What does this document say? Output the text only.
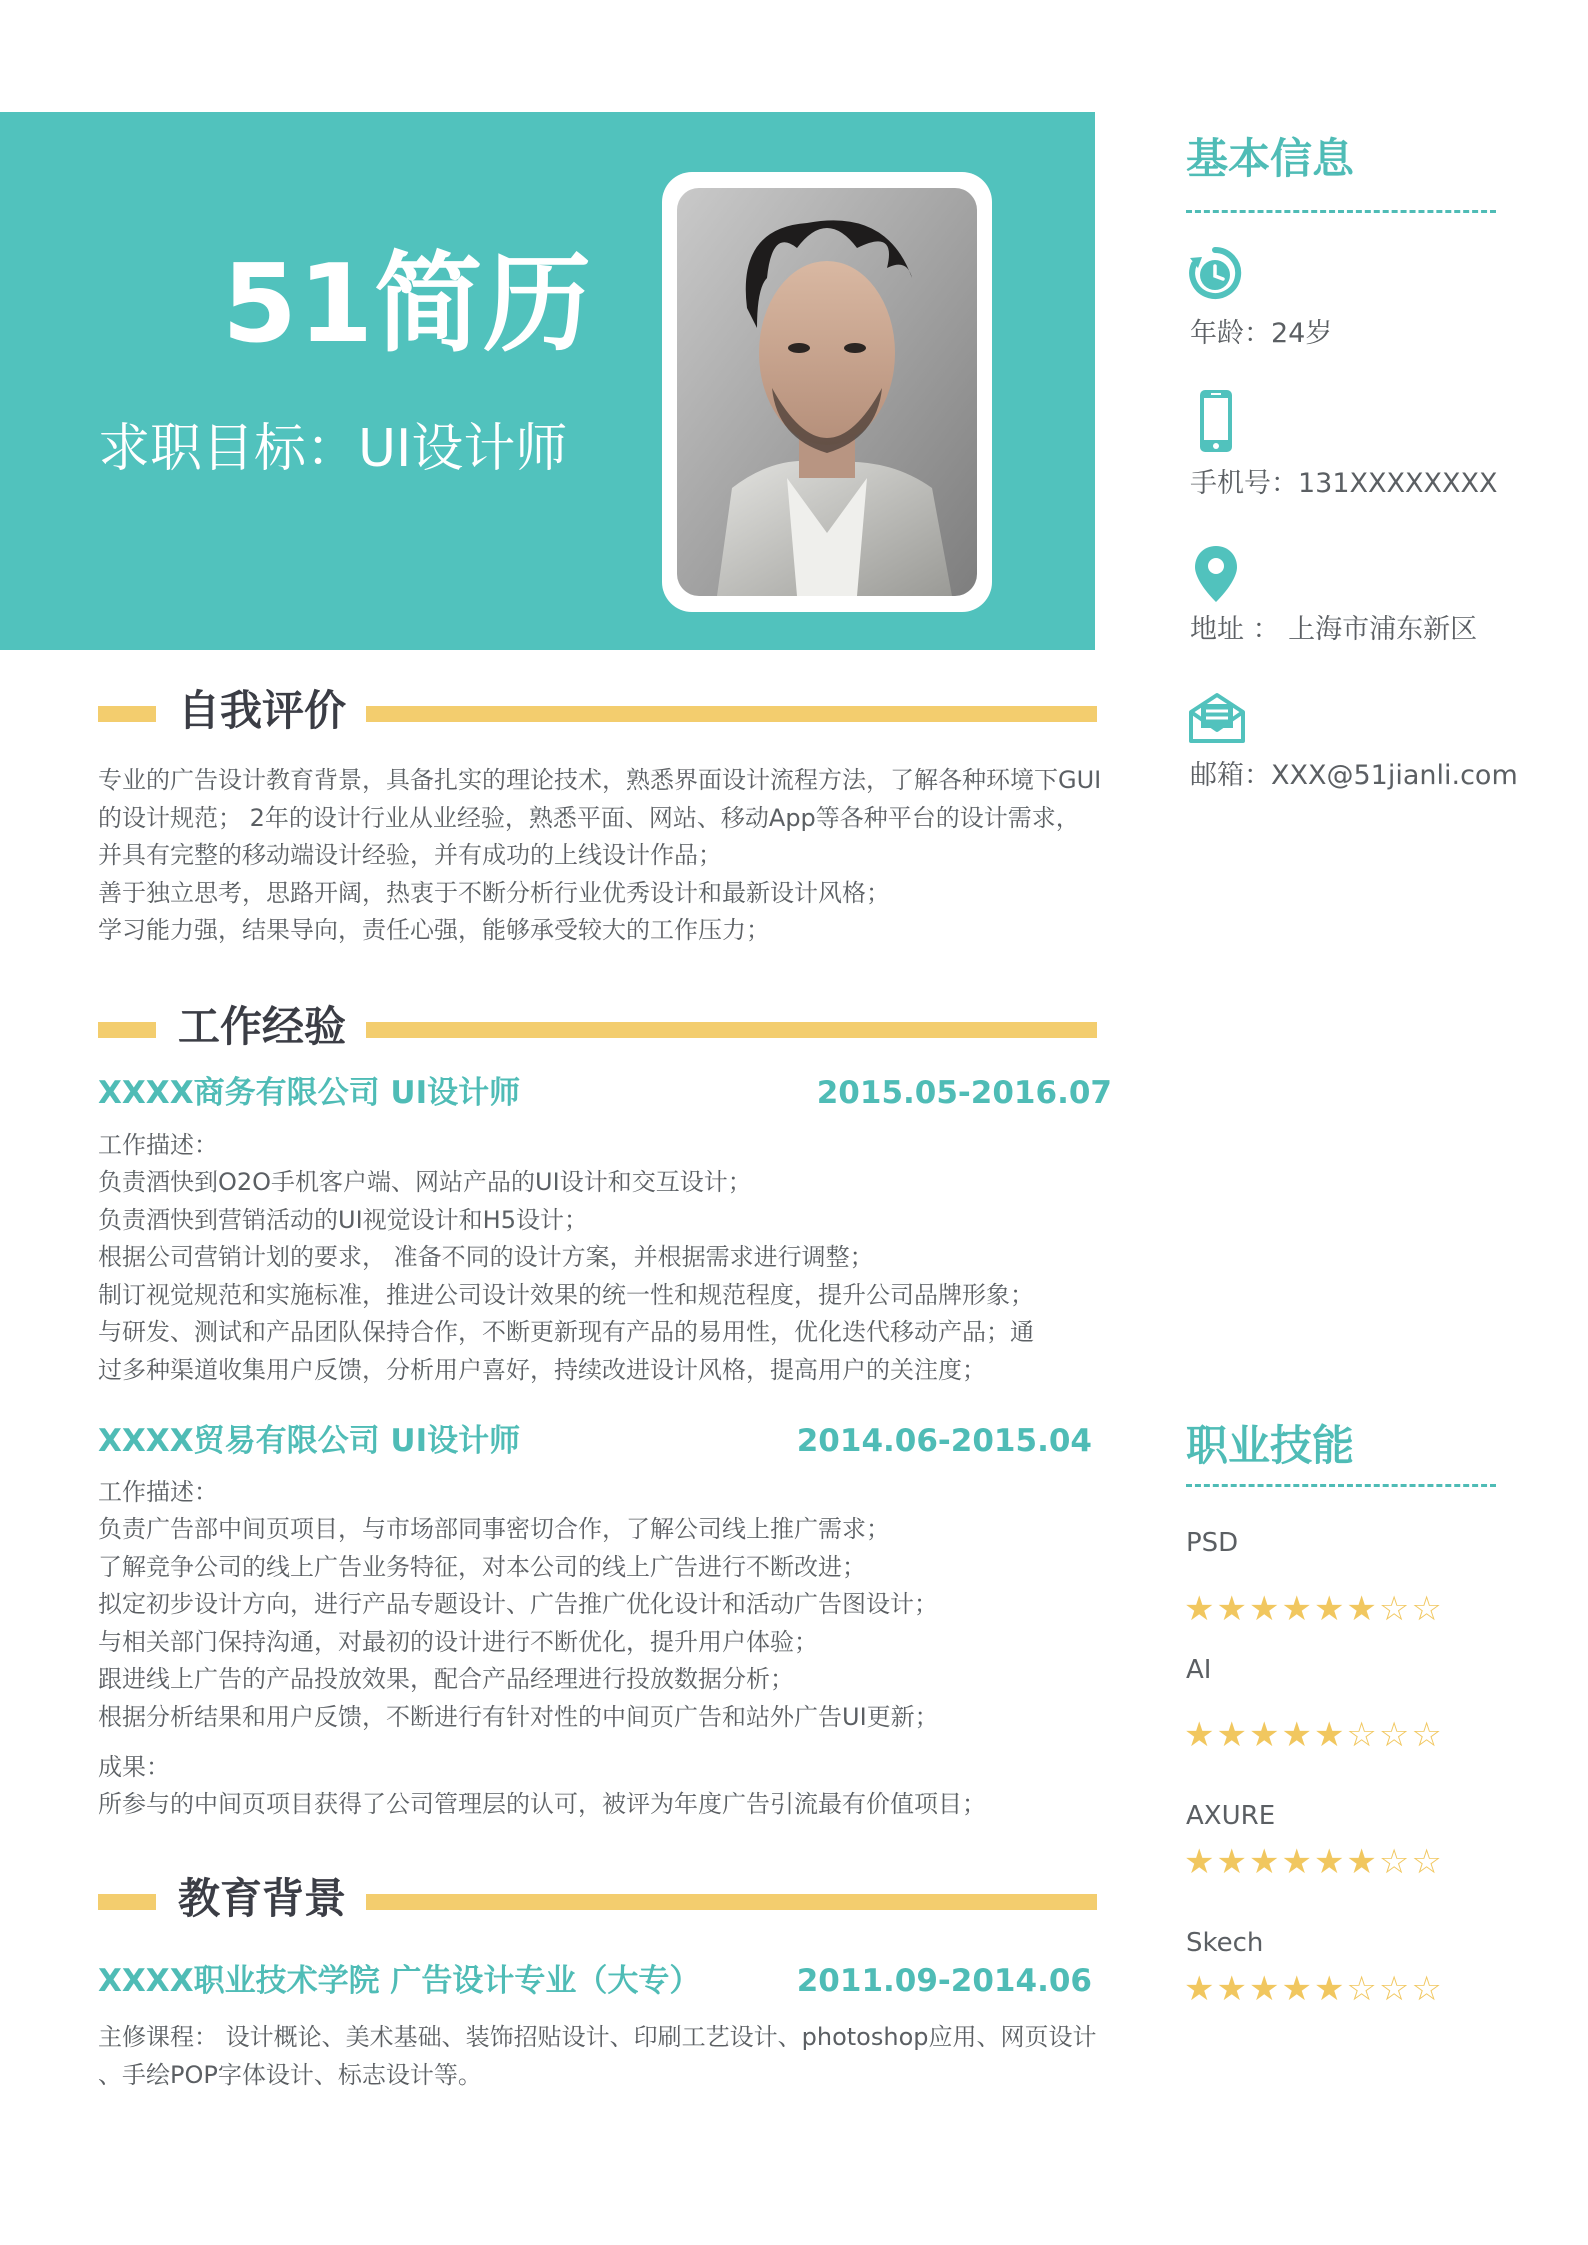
51简历
求职目标：UI设计师
自我评价
专业的广告设计教育背景，具备扎实的理论技术，熟悉界面设计流程方法，了解各种环境下GUI
的设计规范； 2年的设计行业从业经验，熟悉平面、网站、移动App等各种平台的设计需求，
并具有完整的移动端设计经验，并有成功的上线设计作品；
善于独立思考，思路开阔，热衷于不断分析行业优秀设计和最新设计风格；
学习能力强，结果导向，责任心强，能够承受较大的工作压力；
工作经验
XXXX商务有限公司 UI设计师	2015.05-2016.07
工作描述：
负责酒快到O2O手机客户端、网站产品的UI设计和交互设计；
负责酒快到营销活动的UI视觉设计和H5设计；
根据公司营销计划的要求， 准备不同的设计方案，并根据需求进行调整；
制订视觉规范和实施标准，推进公司设计效果的统一性和规范程度，提升公司品牌形象；
与研发、测试和产品团队保持合作，不断更新现有产品的易用性，优化迭代移动产品；通
过多种渠道收集用户反馈，分析用户喜好，持续改进设计风格，提高用户的关注度；
XXXX贸易有限公司 UI设计师	2014.06-2015.04
工作描述：
负责广告部中间页项目，与市场部同事密切合作，了解公司线上推广需求；
了解竞争公司的线上广告业务特征，对本公司的线上广告进行不断改进；
拟定初步设计方向，进行产品专题设计、广告推广优化设计和活动广告图设计；
与相关部门保持沟通，对最初的设计进行不断优化，提升用户体验；
跟进线上广告的产品投放效果，配合产品经理进行投放数据分析；
根据分析结果和用户反馈，不断进行有针对性的中间页广告和站外广告UI更新；
成果：
所参与的中间页项目获得了公司管理层的认可，被评为年度广告引流最有价值项目；
教育背景
XXXX职业技术学院 广告设计专业（大专）	2011.09-2014.06
主修课程： 设计概论、美术基础、装饰招贴设计、印刷工艺设计、photoshop应用、网页设计
、手绘POP字体设计、标志设计等。
基本信息
年龄：24岁
手机号：131XXXXXXXX
地址 ： 上海市浦东新区
邮箱：XXX@51jianli.com
职业技能
PSD
★★★★★★☆☆
AI
★★★★★☆☆☆
AXURE
★★★★★★☆☆
Skech
★★★★★☆☆☆
